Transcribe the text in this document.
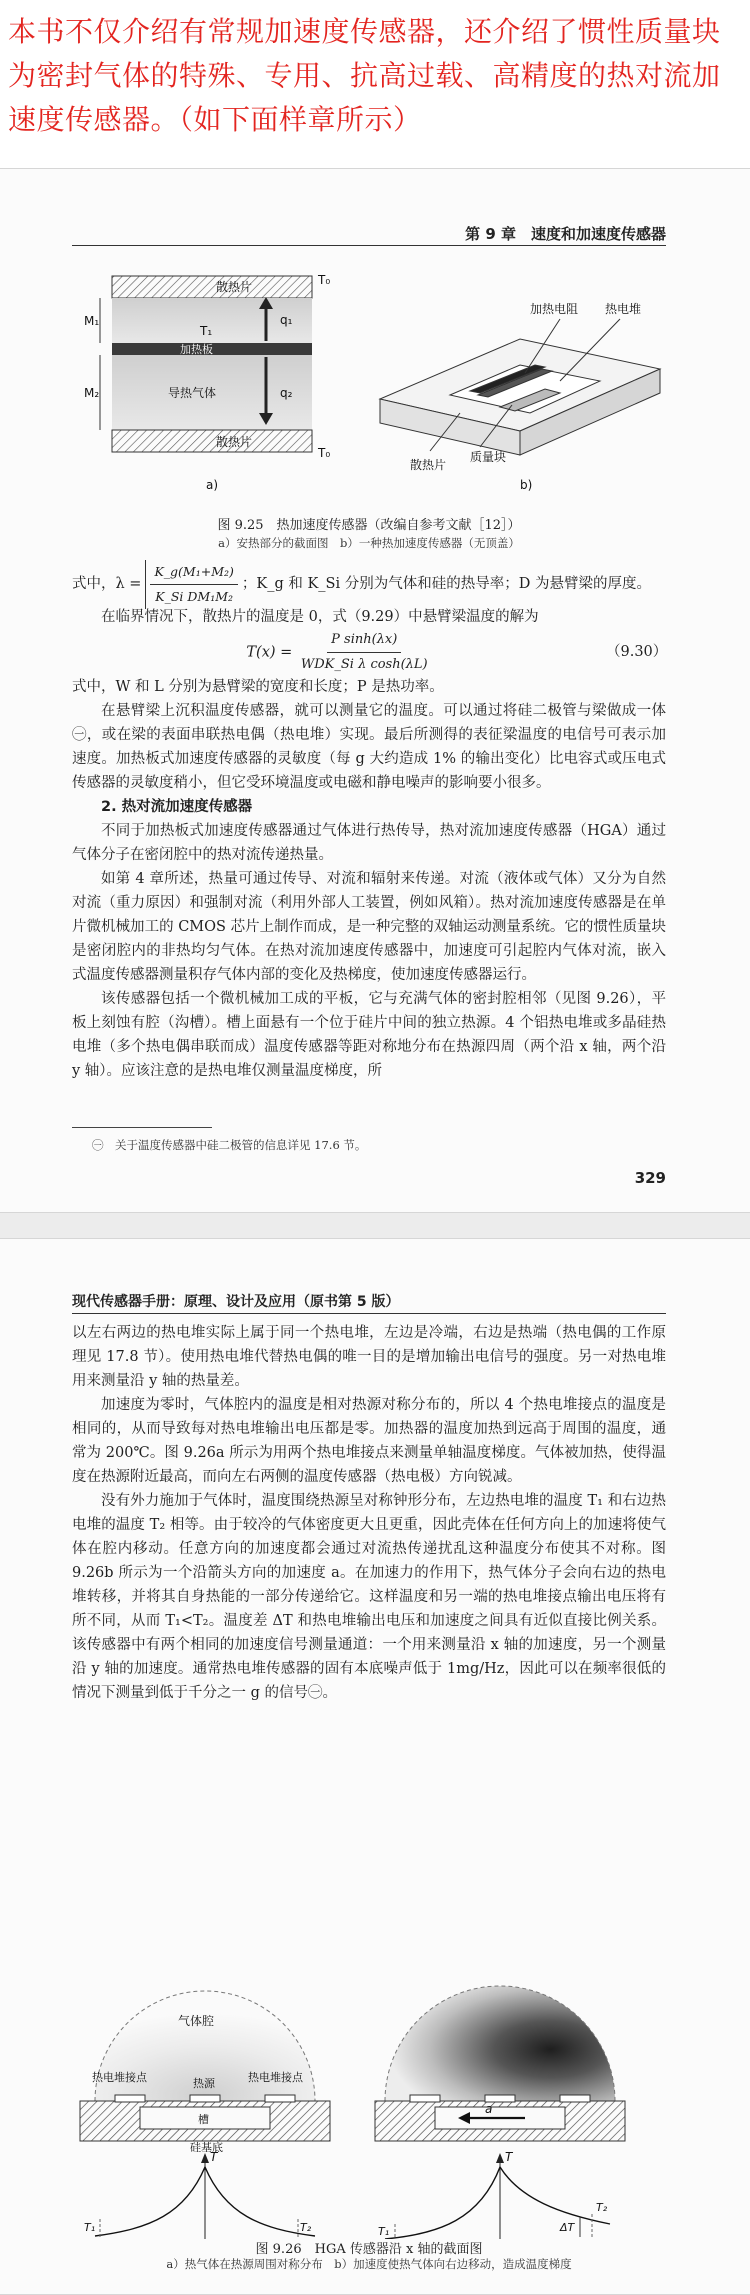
本书不仅介绍有常规加速度传感器，还介绍了惯性质量块为密封气体的特殊、专用、抗高过载、高精度的热对流加速度传感器。（如下面样章所示）
第 9 章　速度和加速度传感器
散热片	T₀
M₁
T₁
q₁
加热板
M₂	导热气体	q₂
散热片
T₀
加热电阻 热电堆
质量块
散热片
a)	b)
图 9.25　热加速度传感器（改编自参考文献［12］）
a）安热部分的截面图　b）一种热加速度传感器（无顶盖）
式中，$\lambda = \frac{\text{K\_g(M₁+M₂)}}{\text{K\_Si DM₁M₂}}$ ；K_g 和 K_Si 分别为气体和硅的热导率；D 为悬臂梁的厚度。

在临界情况下，散热片的温度是 0，式（9.29）中悬臂梁温度的解为

T(x) =
P sinh(λx)
WDK_Si λ cosh(λL)
（9.30）

式中，W 和 L 分别为悬臂梁的宽度和长度；P 是热功率。

在悬臂梁上沉积温度传感器，就可以测量它的温度。可以通过将硅二极管与梁做成一体㊀，或在梁的表面串联热电偶（热电堆）实现。最后所测得的表征梁温度的电信号可表示加速度。加热板式加速度传感器的灵敏度（每 g 大约造成 1% 的输出变化）比电容式或压电式传感器的灵敏度稍小，但它受环境温度或电磁和静电噪声的影响要小很多。

2. 热对流加速度传感器

不同于加热板式加速度传感器通过气体进行热传导，热对流加速度传感器（HGA）通过气体分子在密闭腔中的热对流传递热量。

如第 4 章所述，热量可通过传导、对流和辐射来传递。对流（液体或气体）又分为自然对流（重力原因）和强制对流（利用外部人工装置，例如风箱）。热对流加速度传感器是在单片微机械加工的 CMOS 芯片上制作而成，是一种完整的双轴运动测量系统。它的惯性质量块是密闭腔内的非热均匀气体。在热对流加速度传感器中，加速度可引起腔内气体对流，嵌入式温度传感器测量积存气体内部的变化及热梯度，使加速度传感器运行。

该传感器包括一个微机械加工成的平板，它与充满气体的密封腔相邻（见图 9.26），平板上刻蚀有腔（沟槽）。槽上面悬有一个位于硅片中间的独立热源。4 个铝热电堆或多晶硅热电堆（多个热电偶串联而成）温度传感器等距对称地分布在热源四周（两个沿 x 轴，两个沿 y 轴）。应该注意的是热电堆仅测量温度梯度，所

㊀　关于温度传感器中硅二极管的信息详见 17.6 节。
329
现代传感器手册：原理、设计及应用（原书第 5 版）

以左右两边的热电堆实际上属于同一个热电堆，左边是冷端，右边是热端（热电偶的工作原理见 17.8 节）。使用热电堆代替热电偶的唯一目的是增加输出电信号的强度。另一对热电堆用来测量沿 y 轴的热量差。

加速度为零时，气体腔内的温度是相对热源对称分布的，所以 4 个热电堆接点的温度是相同的，从而导致每对热电堆输出电压都是零。加热器的温度加热到远高于周围的温度，通常为 200℃。图 9.26a 所示为用两个热电堆接点来测量单轴温度梯度。气体被加热，使得温度在热源附近最高，而向左右两侧的温度传感器（热电极）方向锐减。

没有外力施加于气体时，温度围绕热源呈对称钟形分布，左边热电堆的温度 T₁ 和右边热电堆的温度 T₂ 相等。由于较冷的气体密度更大且更重，因此壳体在任何方向上的加速将使气体在腔内移动。任意方向的加速度都会通过对流热传递扰乱这种温度分布使其不对称。图 9.26b 所示为一个沿箭头方向的加速度 a。在加速力的作用下，热气体分子会向右边的热电堆转移，并将其自身热能的一部分传递给它。这样温度和另一端的热电堆接点输出电压将有所不同，从而 T₁<T₂。温度差 ΔT 和热电堆输出电压和加速度之间具有近似直接比例关系。该传感器中有两个相同的加速度信号测量通道：一个用来测量沿 x 轴的加速度，另一个测量沿 y 轴的加速度。通常热电堆传感器的固有本底噪声低于 1mg/Hz，因此可以在频率很低的情况下测量到低于千分之一 g 的信号㊀。

气体腔
热电堆接点	热源	热电堆接点
槽
硅基底
T
T₁	T₂
a
T
T₁
T₂
ΔT
图 9.26　HGA 传感器沿 x 轴的截面图
a）热气体在热源周围对称分布　b）加速度使热气体向右边移动，造成温度梯度
